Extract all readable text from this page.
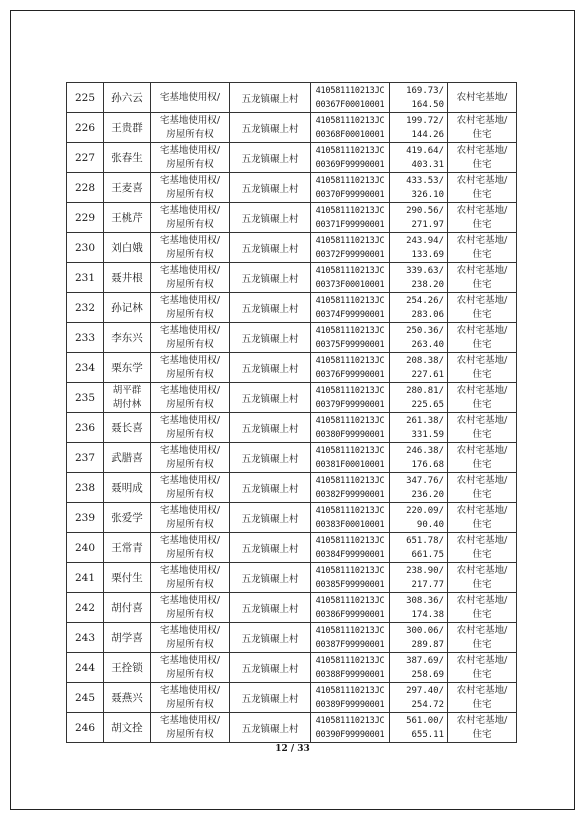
225	孙六云	宅基地使用权/	五龙镇碾上村	410581110213JC
00367F00010001	169.73/
164.50	农村宅基地/

226	王贵群	宅基地使用权/
房屋所有权	五龙镇碾上村	410581110213JC
00368F00010001	199.72/
144.26	农村宅基地/
住宅

227	张春生	宅基地使用权/
房屋所有权	五龙镇碾上村	410581110213JC
00369F99990001	419.64/
403.31	农村宅基地/
住宅

228	王麦喜	宅基地使用权/
房屋所有权	五龙镇碾上村	410581110213JC
00370F99990001	433.53/
326.10	农村宅基地/
住宅

229	王桃芹	宅基地使用权/
房屋所有权	五龙镇碾上村	410581110213JC
00371F99990001	290.56/
271.97	农村宅基地/
住宅

230	刘白娥	宅基地使用权/
房屋所有权	五龙镇碾上村	410581110213JC
00372F99990001	243.94/
133.69	农村宅基地/
住宅

231	聂井根	宅基地使用权/
房屋所有权	五龙镇碾上村	410581110213JC
00373F00010001	339.63/
238.20	农村宅基地/
住宅

232	孙记林	宅基地使用权/
房屋所有权	五龙镇碾上村	410581110213JC
00374F99990001	254.26/
283.06	农村宅基地/
住宅

233	李东兴	宅基地使用权/
房屋所有权	五龙镇碾上村	410581110213JC
00375F99990001	250.36/
263.40	农村宅基地/
住宅

234	栗东学	宅基地使用权/
房屋所有权	五龙镇碾上村	410581110213JC
00376F99990001	208.38/
227.61	农村宅基地/
住宅

235	胡平群
胡付林	宅基地使用权/
房屋所有权	五龙镇碾上村	410581110213JC
00379F99990001	280.81/
225.65	农村宅基地/
住宅

236	聂长喜	宅基地使用权/
房屋所有权	五龙镇碾上村	410581110213JC
00380F99990001	261.38/
331.59	农村宅基地/
住宅

237	武腊喜	宅基地使用权/
房屋所有权	五龙镇碾上村	410581110213JC
00381F00010001	246.38/
176.68	农村宅基地/
住宅

238	聂明成	宅基地使用权/
房屋所有权	五龙镇碾上村	410581110213JC
00382F99990001	347.76/
236.20	农村宅基地/
住宅

239	张爱学	宅基地使用权/
房屋所有权	五龙镇碾上村	410581110213JC
00383F00010001	220.09/
90.40	农村宅基地/
住宅

240	王常青	宅基地使用权/
房屋所有权	五龙镇碾上村	410581110213JC
00384F99990001	651.78/
661.75	农村宅基地/
住宅

241	栗付生	宅基地使用权/
房屋所有权	五龙镇碾上村	410581110213JC
00385F99990001	238.90/
217.77	农村宅基地/
住宅

242	胡付喜	宅基地使用权/
房屋所有权	五龙镇碾上村	410581110213JC
00386F99990001	308.36/
174.38	农村宅基地/
住宅

243	胡学喜	宅基地使用权/
房屋所有权	五龙镇碾上村	410581110213JC
00387F99990001	300.06/
289.87	农村宅基地/
住宅

244	王拴锁	宅基地使用权/
房屋所有权	五龙镇碾上村	410581110213JC
00388F99990001	387.69/
258.69	农村宅基地/
住宅

245	聂燕兴	宅基地使用权/
房屋所有权	五龙镇碾上村	410581110213JC
00389F99990001	297.40/
254.72	农村宅基地/
住宅

246	胡文拴	宅基地使用权/
房屋所有权	五龙镇碾上村	410581110213JC
00390F99990001	561.00/
655.11	农村宅基地/
住宅
12 / 33
